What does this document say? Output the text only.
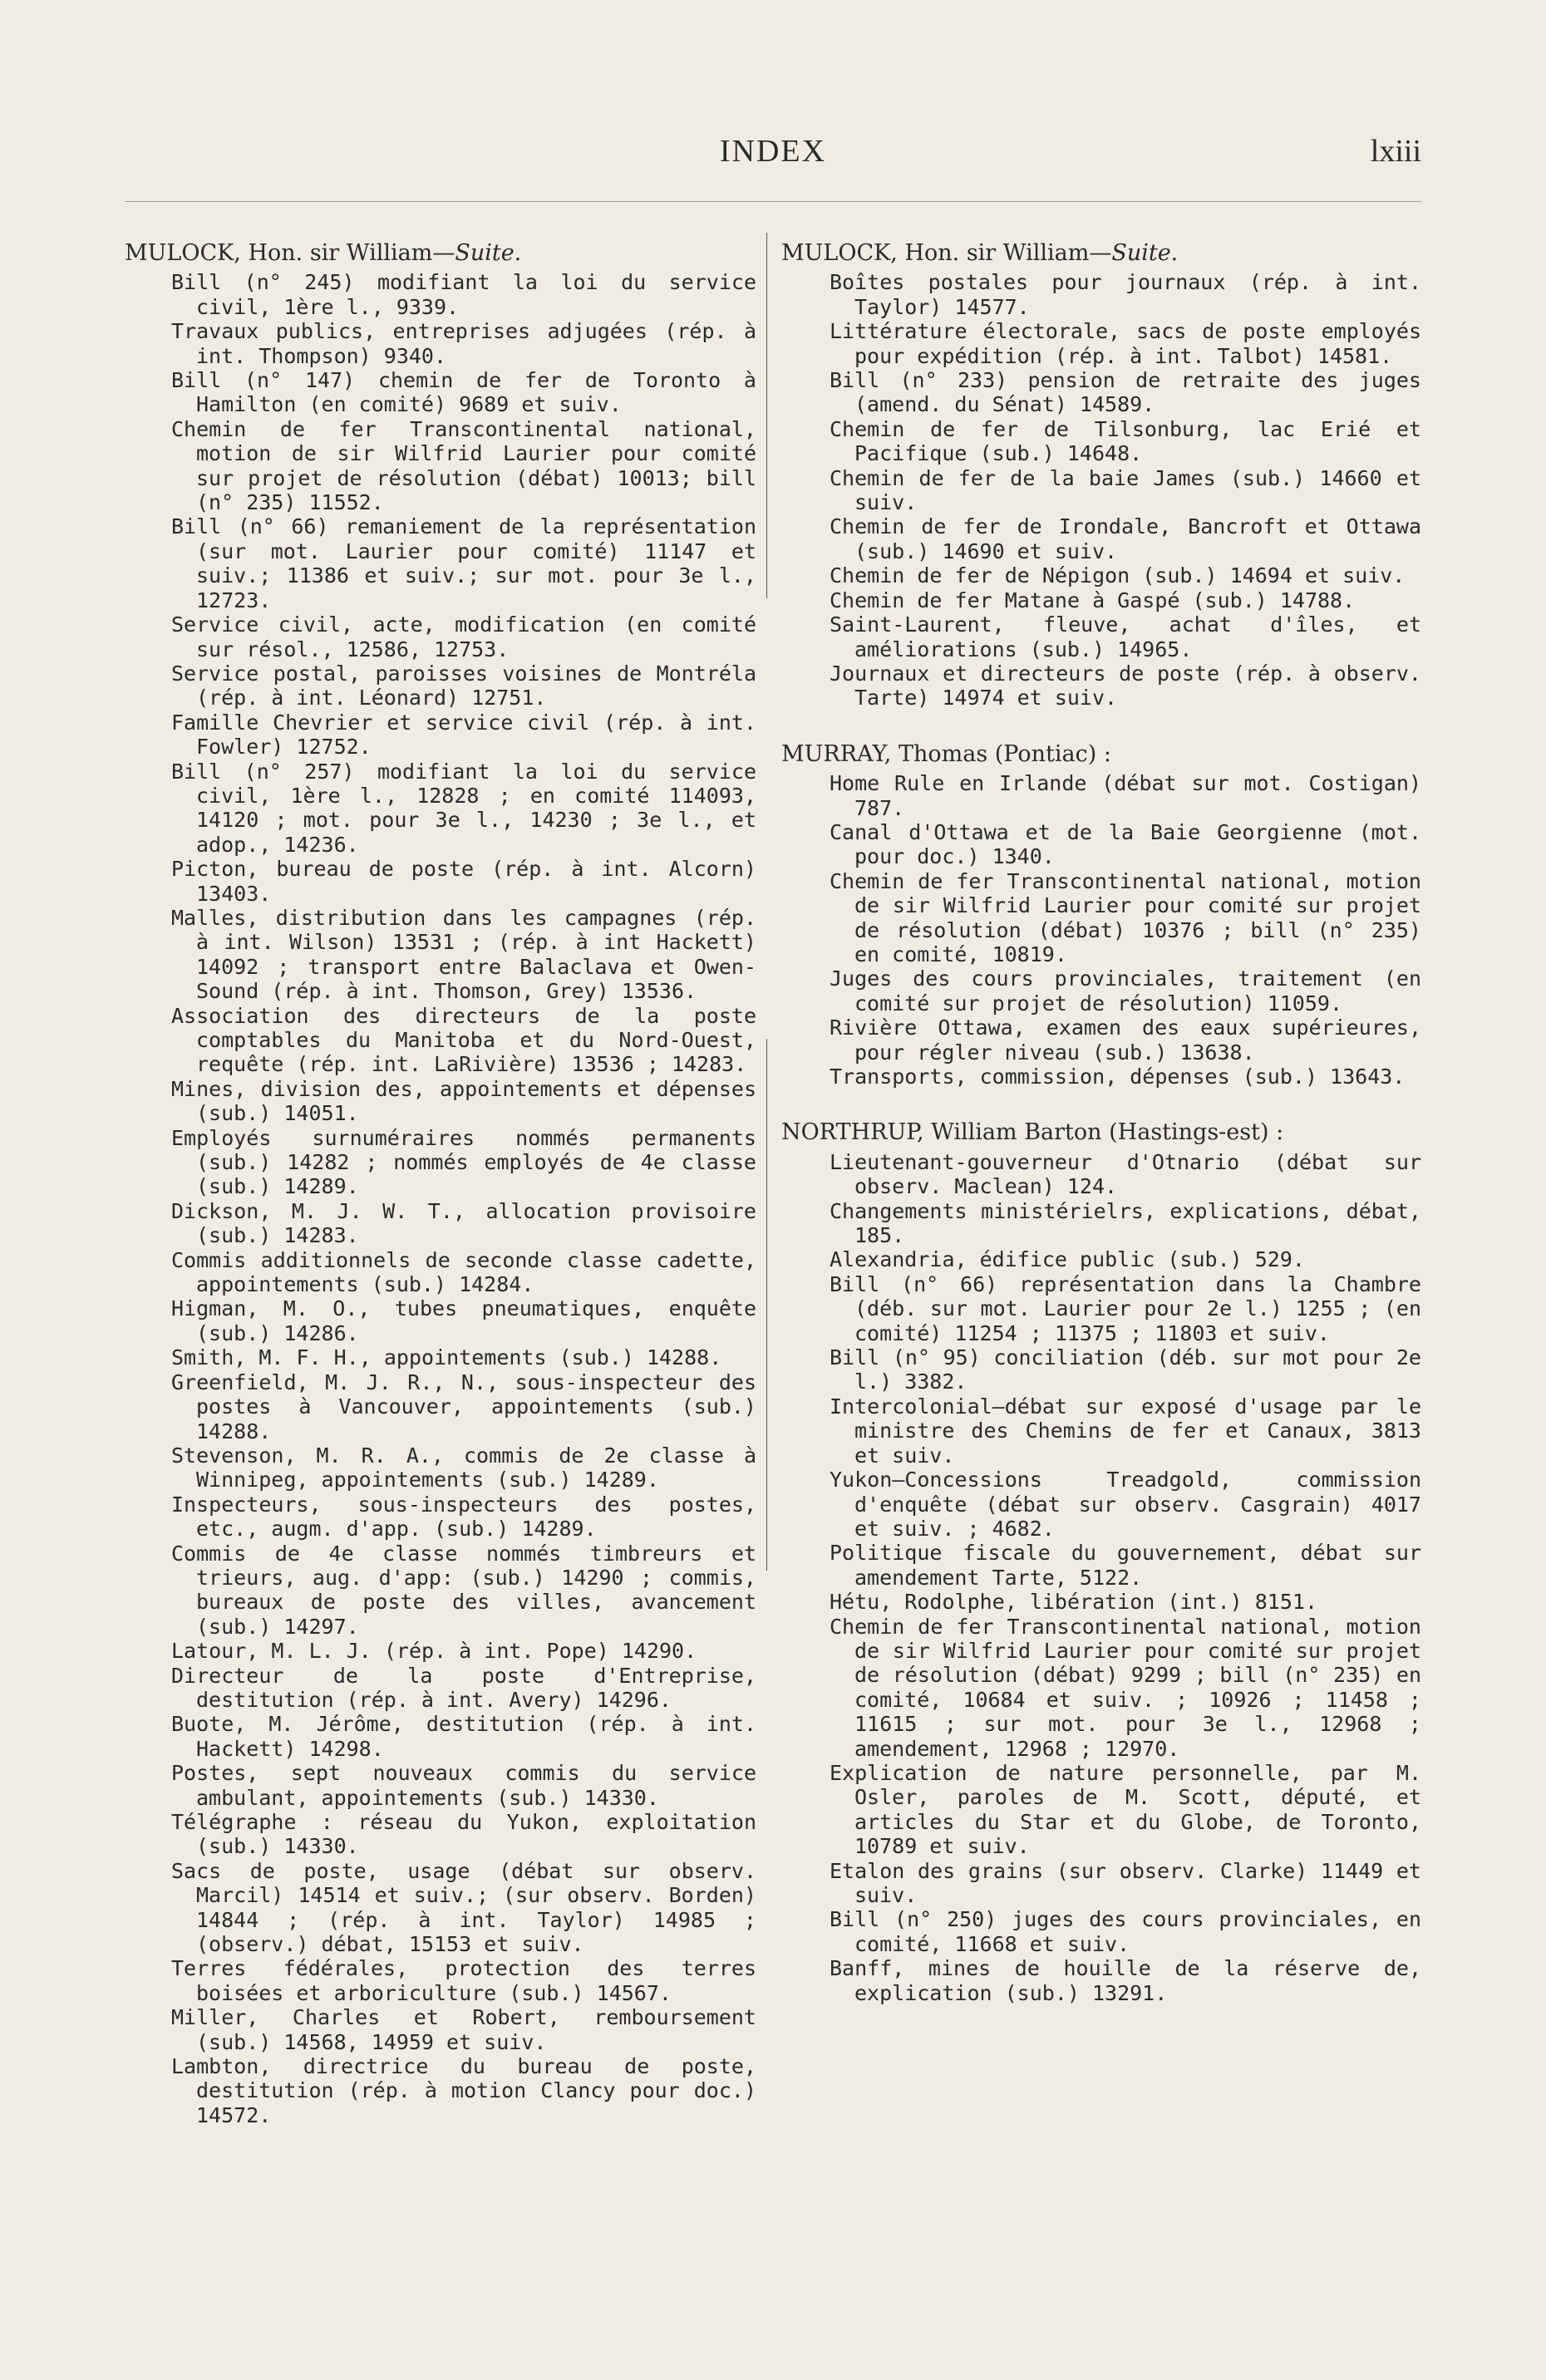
INDEX	lxiii

MULOCK, Hon. sir William—Suite.

Bill (n° 245) modifiant la loi du service civil, 1ère l., 9339.

Travaux publics, entreprises adjugées (rép. à int. Thompson) 9340.

Bill (n° 147) chemin de fer de Toronto à Hamilton (en comité) 9689 et suiv.

Chemin de fer Transcontinental national, motion de sir Wilfrid Laurier pour comité sur projet de résolution (débat) 10013; bill (n° 235) 11552.

Bill (n° 66) remaniement de la représentation (sur mot. Laurier pour comité) 11147 et suiv.; 11386 et suiv.; sur mot. pour 3e l., 12723.

Service civil, acte, modification (en comité sur résol., 12586, 12753.

Service postal, paroisses voisines de Montréla (rép. à int. Léonard) 12751.

Famille Chevrier et service civil (rép. à int. Fowler) 12752.

Bill (n° 257) modifiant la loi du service civil, 1ère l., 12828 ; en comité 114093, 14120 ; mot. pour 3e l., 14230 ; 3e l., et adop., 14236.

Picton, bureau de poste (rép. à int. Alcorn) 13403.

Malles, distribution dans les campagnes (rép. à int. Wilson) 13531 ; (rép. à int Hackett) 14092 ; transport entre Balaclava et Owen-Sound (rép. à int. Thomson, Grey) 13536.

Association des directeurs de la poste comptables du Manitoba et du Nord-Ouest, requête (rép. int. LaRivière) 13536 ; 14283.

Mines, division des, appointements et dépenses (sub.) 14051.

Employés surnuméraires nommés permanents (sub.) 14282 ; nommés employés de 4e classe (sub.) 14289.

Dickson, M. J. W. T., allocation provisoire (sub.) 14283.

Commis additionnels de seconde classe cadette, appointements (sub.) 14284.

Higman, M. O., tubes pneumatiques, enquête (sub.) 14286.

Smith, M. F. H., appointements (sub.) 14288.

Greenfield, M. J. R., N., sous-inspecteur des postes à Vancouver, appointements (sub.) 14288.

Stevenson, M. R. A., commis de 2e classe à Winnipeg, appointements (sub.) 14289.

Inspecteurs, sous-inspecteurs des postes, etc., augm. d'app. (sub.) 14289.

Commis de 4e classe nommés timbreurs et trieurs, aug. d'app: (sub.) 14290 ; commis, bureaux de poste des villes, avancement (sub.) 14297.

Latour, M. L. J. (rép. à int. Pope) 14290.

Directeur de la poste d'Entreprise, destitution (rép. à int. Avery) 14296.

Buote, M. Jérôme, destitution (rép. à int. Hackett) 14298.

Postes, sept nouveaux commis du service ambulant, appointements (sub.) 14330.

Télégraphe : réseau du Yukon, exploitation (sub.) 14330.

Sacs de poste, usage (débat sur observ. Marcil) 14514 et suiv.; (sur observ. Borden) 14844 ; (rép. à int. Taylor) 14985 ; (observ.) débat, 15153 et suiv.

Terres fédérales, protection des terres boisées et arboriculture (sub.) 14567.

Miller, Charles et Robert, remboursement (sub.) 14568, 14959 et suiv.

Lambton, directrice du bureau de poste, destitution (rép. à motion Clancy pour doc.) 14572.

MULOCK, Hon. sir William—Suite.

Boîtes postales pour journaux (rép. à int. Taylor) 14577.

Littérature électorale, sacs de poste employés pour expédition (rép. à int. Talbot) 14581.

Bill (n° 233) pension de retraite des juges (amend. du Sénat) 14589.

Chemin de fer de Tilsonburg, lac Erié et Pacifique (sub.) 14648.

Chemin de fer de la baie James (sub.) 14660 et suiv.

Chemin de fer de Irondale, Bancroft et Ottawa (sub.) 14690 et suiv.

Chemin de fer de Népigon (sub.) 14694 et suiv.

Chemin de fer Matane à Gaspé (sub.) 14788.

Saint-Laurent, fleuve, achat d'îles, et améliorations (sub.) 14965.

Journaux et directeurs de poste (rép. à observ. Tarte) 14974 et suiv.

MURRAY, Thomas (Pontiac) :

Home Rule en Irlande (débat sur mot. Costigan) 787.

Canal d'Ottawa et de la Baie Georgienne (mot. pour doc.) 1340.

Chemin de fer Transcontinental national, motion de sir Wilfrid Laurier pour comité sur projet de résolution (débat) 10376 ; bill (n° 235) en comité, 10819.

Juges des cours provinciales, traitement (en comité sur projet de résolution) 11059.

Rivière Ottawa, examen des eaux supérieures, pour régler niveau (sub.) 13638.

Transports, commission, dépenses (sub.) 13643.

NORTHRUP, William Barton (Hastings-est) :

Lieutenant-gouverneur d'Otnario (débat sur observ. Maclean) 124.

Changements ministérielrs, explications, débat, 185.

Alexandria, édifice public (sub.) 529.

Bill (n° 66) représentation dans la Chambre (déb. sur mot. Laurier pour 2e l.) 1255 ; (en comité) 11254 ; 11375 ; 11803 et suiv.

Bill (n° 95) conciliation (déb. sur mot pour 2e l.) 3382.

Intercolonial—débat sur exposé d'usage par le ministre des Chemins de fer et Canaux, 3813 et suiv.

Yukon—Concessions Treadgold, commission d'enquête (débat sur observ. Casgrain) 4017 et suiv. ; 4682.

Politique fiscale du gouvernement, débat sur amendement Tarte, 5122.

Hétu, Rodolphe, libération (int.) 8151.

Chemin de fer Transcontinental national, motion de sir Wilfrid Laurier pour comité sur projet de résolution (débat) 9299 ; bill (n° 235) en comité, 10684 et suiv. ; 10926 ; 11458 ; 11615 ; sur mot. pour 3e l., 12968 ; amendement, 12968 ; 12970.

Explication de nature personnelle, par M. Osler, paroles de M. Scott, député, et articles du Star et du Globe, de Toronto, 10789 et suiv.

Etalon des grains (sur observ. Clarke) 11449 et suiv.

Bill (n° 250) juges des cours provinciales, en comité, 11668 et suiv.

Banff, mines de houille de la réserve de, explication (sub.) 13291.
